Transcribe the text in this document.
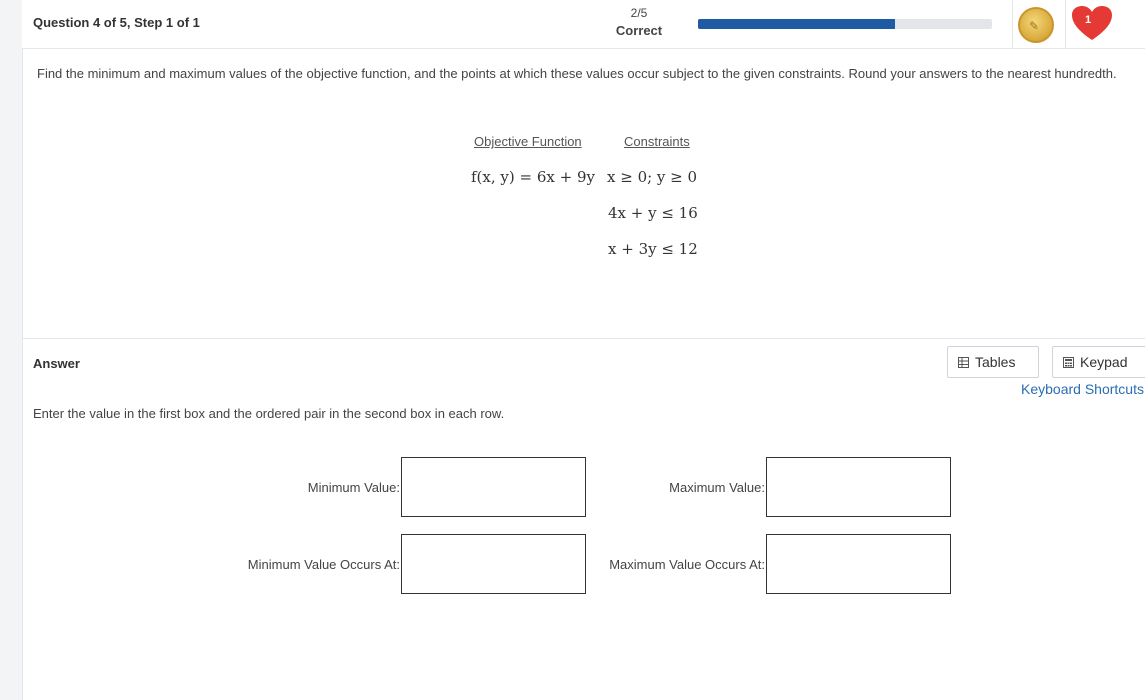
Question 4 of 5, Step 1 of 1
2/5
Correct	✎	1
Find the minimum and maximum values of the objective function, and the points at which these values occur subject to the given constraints. Round your answers to the nearest hundredth.
Objective Function	Constraints
f(x, y) = 6x + 9y x ≥ 0; y ≥ 0
4x + y ≤ 16
x + 3y ≤ 12
Answer	Tables	Keypad
Keyboard Shortcuts
Enter the value in the first box and the ordered pair in the second box in each row.
Minimum Value:	Maximum Value:
Minimum Value Occurs At:	Maximum Value Occurs At:
